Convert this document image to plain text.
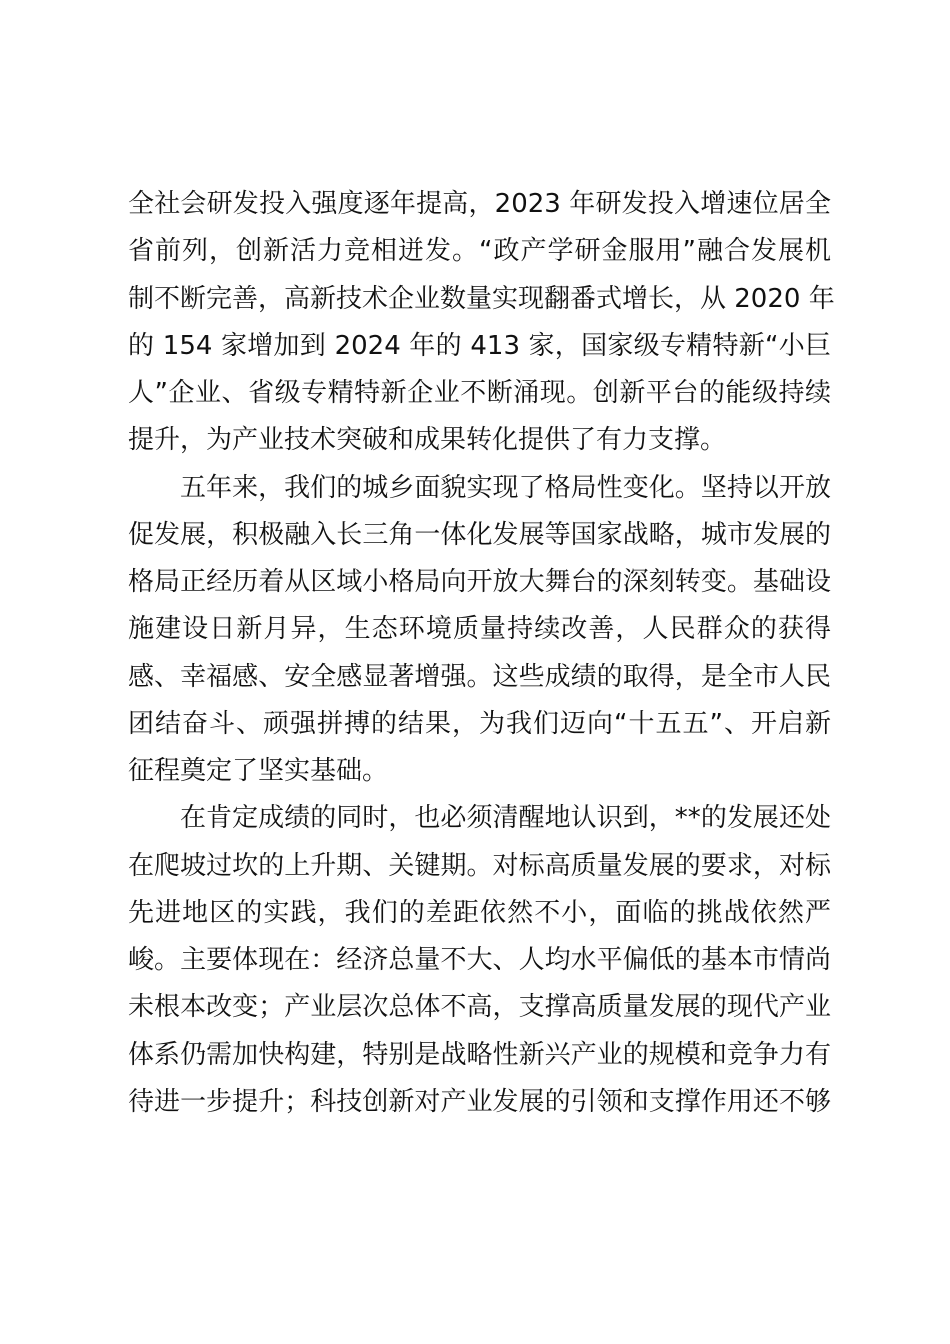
全社会研发投入强度逐年提高，2023 年研发投入增速位居全
省前列，创新活力竞相迸发。“政产学研金服用”融合发展机
制不断完善，高新技术企业数量实现翻番式增长，从 2020 年
的 154 家增加到 2024 年的 413 家，国家级专精特新“小巨
人”企业、省级专精特新企业不断涌现。创新平台的能级持续
提升，为产业技术突破和成果转化提供了有力支撑。
五年来，我们的城乡面貌实现了格局性变化。坚持以开放
促发展，积极融入长三角一体化发展等国家战略，城市发展的
格局正经历着从区域小格局向开放大舞台的深刻转变。基础设
施建设日新月异，生态环境质量持续改善，人民群众的获得
感、幸福感、安全感显著增强。这些成绩的取得，是全市人民
团结奋斗、顽强拼搏的结果，为我们迈向“十五五”、开启新
征程奠定了坚实基础。
在肯定成绩的同时，也必须清醒地认识到，**的发展还处
在爬坡过坎的上升期、关键期。对标高质量发展的要求，对标
先进地区的实践，我们的差距依然不小，面临的挑战依然严
峻。主要体现在：经济总量不大、人均水平偏低的基本市情尚
未根本改变；产业层次总体不高，支撑高质量发展的现代产业
体系仍需加快构建，特别是战略性新兴产业的规模和竞争力有
待进一步提升；科技创新对产业发展的引领和支撑作用还不够
